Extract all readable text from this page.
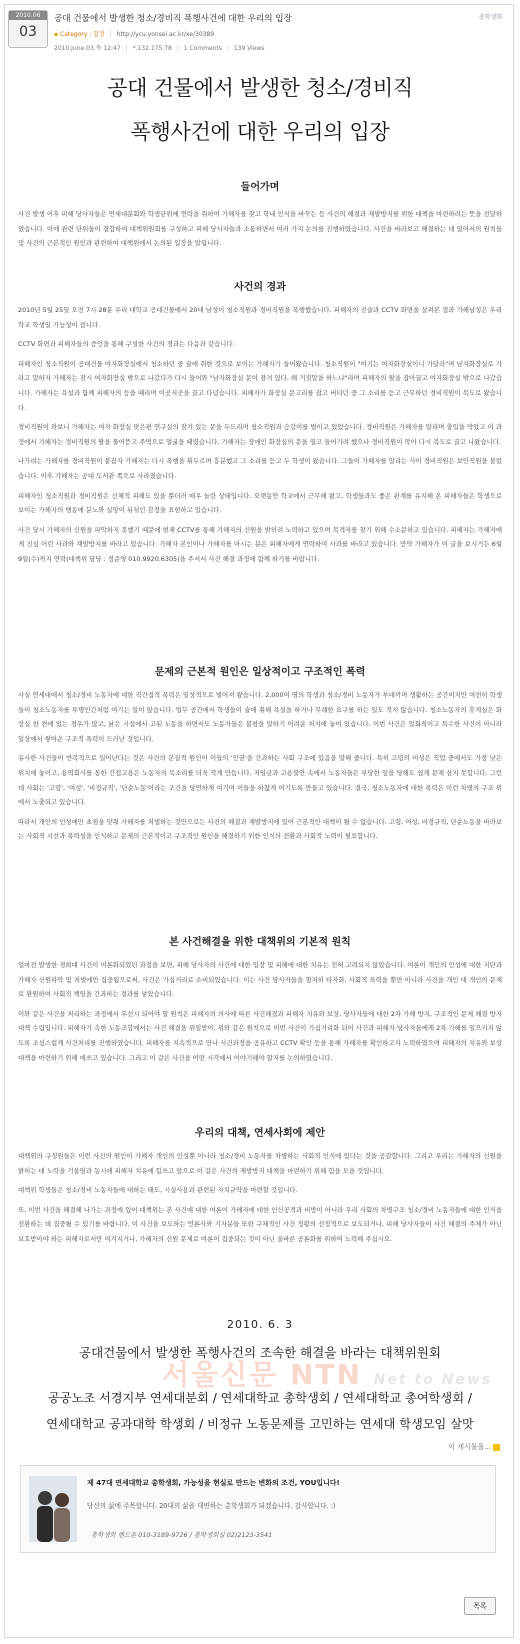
2010.06
03
공대 건물에서 발생한 청소/경비직 폭행사건에 대한 우리의 입장	총학생회
▪ Category : 입장 | http://ycu.yonsei.ac.kr/xe/30389
2010.June.03.목 12:47 | *.132.175.78 | 1 Comments | 139 Views
공대 건물에서 발생한 청소/경비직
폭행사건에 대한 우리의 입장

들어가며

사건 발생 이후 피해 당사자들은 연세대분회와 학생단위에 연락을 취하여 가해자를 찾고 학내 인식을 바꾸는 등 사건의 해결과 재발방지를 위한 대책을 마련하려는 뜻을 전달하였습니다. 이에 관련 단위들이 결합하여 대책위원회를 구성하고 피해 당사자들과 소통하면서 여러 가지 논의를 진행하였습니다. 사건을 바라보고 해결하는 데 있어서의 원칙들 및 사건의 근본적인 원인과 관련하여 대책위에서 논의된 입장을 알립니다.

사건의 경과

2010년 5월 25일 오전 7시 28분 우리 대학교 공대건물에서 20대 남성이 청소직원과 경비직원을 폭행했습니다. 피해자의 진술과 CCTV 화면을 살펴본 결과 가해남성은 우리 학교 학생일 가능성이 큽니다.

CCTV 화면과 피해자들의 증언을 통해 구성한 사건의 경과는 다음과 같습니다.

피해자인 청소직원이 공대건물 여자화장실에서 청소하던 중 술에 취한 것으로 보이는 가해자가 들어왔습니다. 청소직원이 "여기는 여자화장실이니 가달라"며 남자화장실로 가라고 말하자 가해자는 잠시 여자화장실 밖으로 나갔다가 다시 들어와 "남자화장실 문이 잠겨 있다. 왜 거짓말을 하느냐"라며 피해자의 팔을 잡아끌고 여자화장실 밖으로 나갔습니다. 가해자는 욕설과 함께 피해자의 등을 때리며 이곳저곳을 끌고 다녔습니다. 피해자가 화장실 문고리를 잡고 버티던 중 그 소리를 듣고 근무하던 경비직원이 복도로 왔습니다.

경비직원이 와보니 가해자는 여자 화장실 맞은편 연구실의 잠겨 있는 문을 두드리며 청소직원과 승강이를 벌이고 있었습니다. 경비직원은 가해자를 말리며 출입을 막았고 이 과정에서 가해자는 경비직원의 팔을 물어뜯고 주먹으로 얼굴을 때렸습니다. 가해자는 장애인 화장실의 문을 열고 들어가려 했으나 경비직원이 막아 다시 복도로 끌고 나왔습니다.

나가려는 가해자를 경비직원이 붙잡자 가해자는 다시 폭행을 휘두르며 흥분했고 그 소리를 듣고 두 학생이 왔습니다. 그들이 가해자를 말리는 사이 경비직원은 보안직원을 불렀습니다. 이후 가해자는 공대 도서관 쪽으로 사라졌습니다.

피해자인 청소직원과 경비직원은 신체적 피해도 있을 뿐더러 매우 놀란 상태입니다. 오랫동안 학교에서 근무해 왔고, 학생들과도 좋은 관계를 유지해 온 피해자들은 학생으로 보이는 가해자의 행동에 분노와 실망이 뒤섞인 감정을 표현하고 있습니다.

사건 당시 가해자의 신원을 파악하지 못했기 때문에 현재 CCTV를 통해 가해자의 신원을 밝히려 노력하고 있으며 목격자를 찾기 위해 수소문하고 있습니다. 피해자는 가해자에게 진심 어린 사과와 재발방지를 바라고 있습니다. 가해자 본인이나 가해자를 아시는 분은 피해자에게 연락하여 사과를 바라고 있습니다. 만약 가해자가 이 글을 보시거든 6월 9일(수)까지 연락(대책위 담당 : 정준영 010.9920.6305)을 주셔서 사건 해결 과정에 함께 하기를 바랍니다.

문제의 근본적 원인은 일상적이고 구조적인 폭력

사실 연세대에서 청소/경비 노동자에 대한 직간접적 폭력은 일상적으로 벌어져 왔습니다. 2,000여 명의 학생과 청소/경비 노동자가 부대끼며 생활하는 공간이지만 여전히 학생들이 청소노동자를 투명인간처럼 여기는 일이 많습니다. 업무 공간에서 학생들이 술에 취해 욕설을 하거나 무례한 요구를 하는 일도 적지 않습니다. 청소노동자의 휴게실은 화장실 한 켠에 있는 경우가 많고, 낡은 시설에서 고된 노동을 하면서도 노동자들은 불평을 말하기 어려운 처지에 놓여 있습니다. 이번 사건은 일회적이고 특수한 사건이 아니라 일상에서 쌓여온 구조적 폭력이 드러난 것입니다.

유사한 사건들이 반복적으로 일어난다는 것은 사건의 본질적 원인이 이들의 '인권'을 간과하는 사회 구조에 있음을 말해 줍니다. 특히 고령의 여성은 직업 중에서도 가장 낮은 위치에 놓이고, 용역회사를 통한 간접고용은 노동자의 목소리를 더욱 작게 만듭니다. 저임금과 고용불안 속에서 노동자들은 부당한 일을 당해도 쉽게 문제 삼지 못합니다. 그런데 사회는 '고령', '여성', '비정규직', '단순노동'이라는 조건을 당연하게 여기며 이들을 하찮게 여기도록 만들고 있습니다. 결국, 청소노동자에 대한 폭력은 이런 차별의 구조 위에서 노출되고 있습니다.

따라서 개인의 인성에만 초점을 맞춰 가해자를 처벌하는 것만으로는 사건의 해결과 재발방지에 있어 근본적인 대책이 될 수 없습니다. 고령, 여성, 비정규직, 단순노동을 바라보는 사회적 시선과 폭력성을 인식하고 문제의 근본적이고 구조적인 원인을 해결하기 위한 인식의 전환과 사회적 노력이 필요합니다.

본 사건해결을 위한 대책위의 기본적 원칙

얼마전 발생한 경희대 사건이 여론화되었던 과정을 보면, 피해 당사자의 사건에 대한 입장 및 피해에 대한 치유는 전혀 고려되지 않았습니다. 여론이 개인의 인성에 대한 지탄과 가해자 신원파악 및 처벌에만 집중됨으로써, 사건은 가십거리로 소비되었습니다. 이는 사건 당사자들을 철저히 타자화, 사회적 폭력을 뿐만 아니라 사건을 개인 대 개인의 문제로 환원하여 사회적 책임을 간과하는 결과를 낳았습니다.

이와 같은 사건을 처리하는 과정에서 우선시 되어야 할 원칙은 피해자의 의사에 따른 사건해결과 피해자 치유와 보상, 당사자들에 대한 2차 가해 방지, 구조적인 문제 해결 방지 대책 수립입니다. 피해자가 속한 노동조합에서는 사건 해결을 위임받아, 위와 같은 원칙으로 이번 사건이 가십거리화 되어 사건과 피해자 당사자들에게 2차 가해를 일으키지 않도록 조심스럽게 사건처리를 진행하였습니다. 피해자를 지속적으로 만나 사건과정을 공유하고 CCTV 확인 등을 통해 가해자를 확인하고자 노력하였으며 피해자의 치유와 보상대책을 마련하기 위해 애쓰고 있습니다. 그리고 이 같은 사건을 어떤 시각에서 이야기해야 할지를 논의하였습니다.

우리의 대책, 연세사회에 제안

대책위의 구성원들은 이번 사건의 원인이 가해자 개인의 인성뿐 아니라 청소/경비 노동자를 차별하는 사회적 인식에 있다는 것을 공감합니다. 그리고 우리는 가해자의 신원을 밝히는 데 노력을 기울임과 동시에 피해자 치유에 힘쓰고 앞으로 이 같은 사건의 재발방지 대책을 마련하기 위해 힘을 모을 것입니다.

대책위 학생들은 청소/경비 노동자들에 대하는 태도, 시설사용과 관련된 자치규약을 마련할 것입니다.

또, 이번 사건을 해결해 나가는 과정에 있어 대책위는 본 사건에 대한 여론이 가해자에 대한 인신공격과 비방이 아니라 우리 사회의 차별구조 청소/경비 노동자들에 대한 인식을 전환하는 데 집중될 수 있기를 바랍니다. 이 사건을 보도하는 언론사와 기자분들 또한 구체적인 사건 정황의 선정적으로 보도되거나, 피해 당사자들이 사건 해결의 주체가 아닌 보호받아야 하는 피해자로서만 여겨지거나, 가해자의 신원 문제로 여론이 집중되는 것이 아닌 올바른 공론화를 위하여 노력해 주십시오.

2010. 6. 3
공대건물에서 발생한 폭행사건의 조속한 해결을 바라는 대책위원회
서울신문 NTN Net to News
공공노조 서경지부 연세대분회 / 연세대학교 총학생회 / 연세대학교 총여학생회 /
연세대학교 공과대학 학생회 / 비정규 노동문제를 고민하는 연세대 학생모임 살맛
이 게시물을...
제 47대 연세대학교 총학생회, 가능성을 현실로 만드는 변화의 조건, YOU입니다!
당신의 삶에 주목합니다. 20대의 삶을 대변하는 총학생회가 되겠습니다. 감사합니다. :)
총학생회 핸드폰 010-3189-9726 / 총학생회실 02)2123-3541
목록
